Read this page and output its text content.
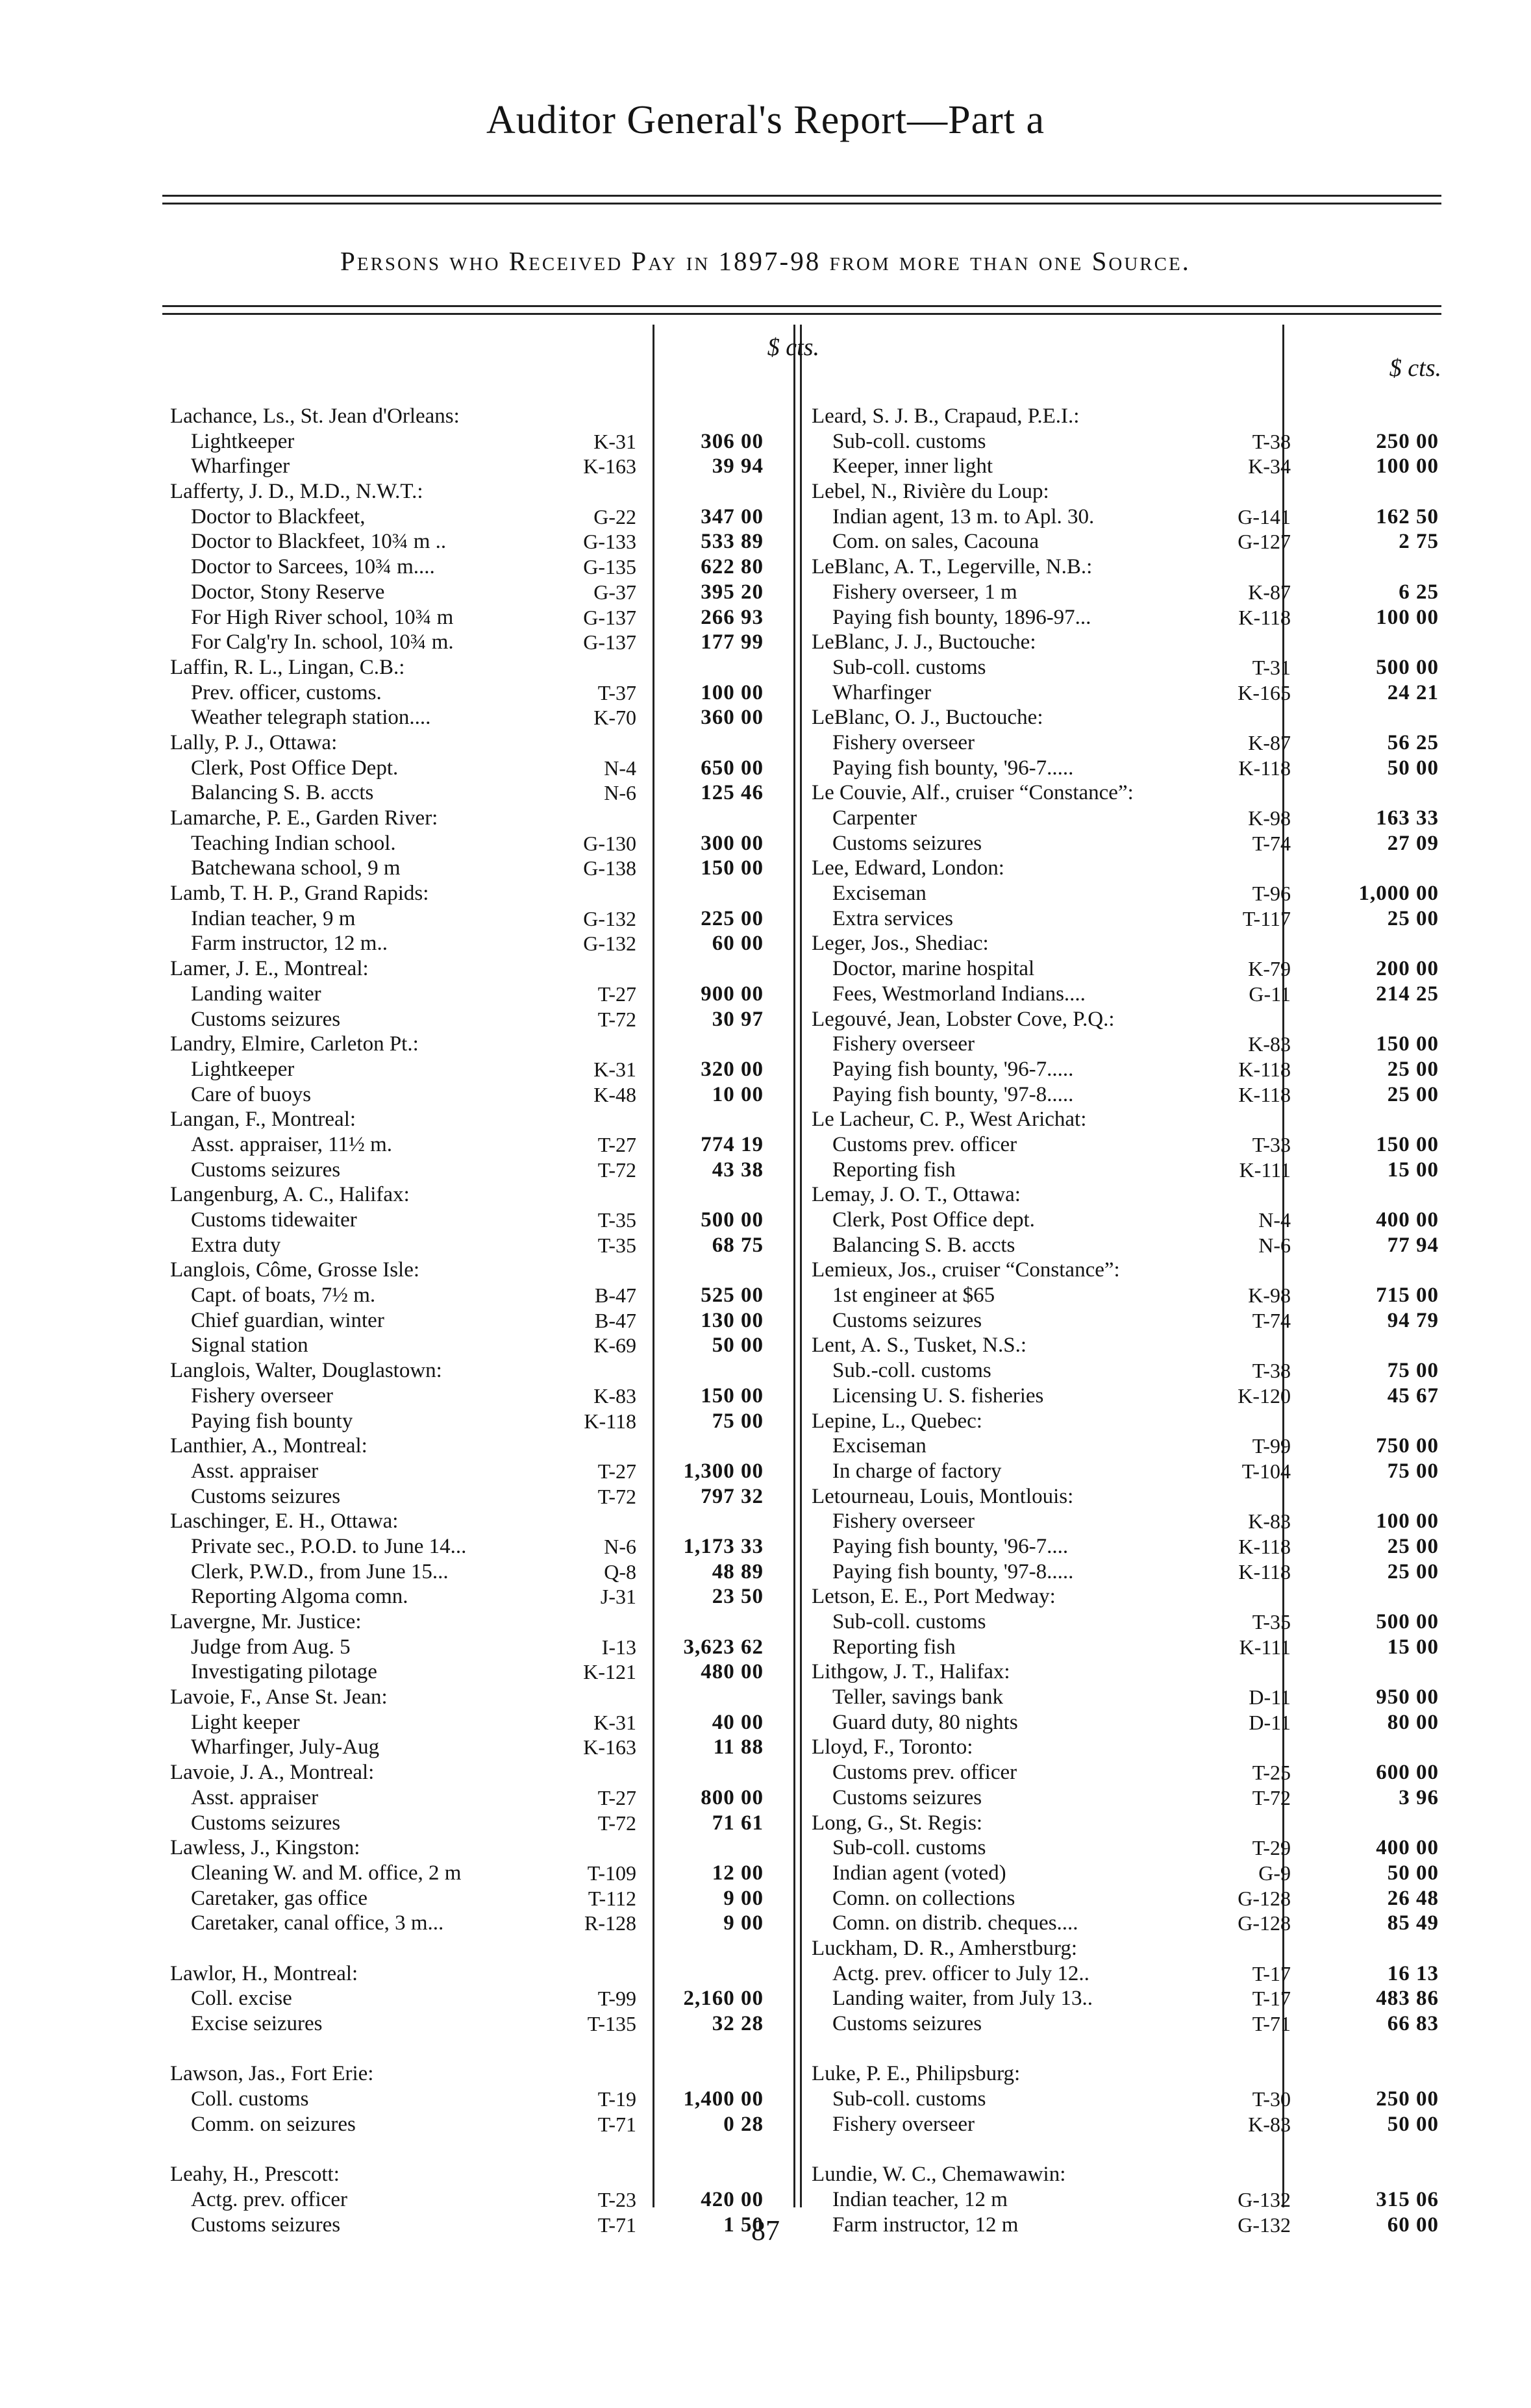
Auditor General's Report—Part a
Persons who Received Pay in 1897-98 from more than one Source.
$ cts.
Lachance, Ls., St. Jean d'Orleans:
Lightkeeper	K-31	306 00
Wharfinger	K-163	39 94
Lafferty, J. D., M.D., N.W.T.:
Doctor to Blackfeet,	G-22	347 00
Doctor to Blackfeet, 10¾ m ..	G-133	533 89
Doctor to Sarcees, 10¾ m....	G-135	622 80
Doctor, Stony Reserve	G-37	395 20
For High River school, 10¾ m	G-137	266 93
For Calg'ry In. school, 10¾ m.	G-137	177 99
Laffin, R. L., Lingan, C.B.:
Prev. officer, customs.	T-37	100 00
Weather telegraph station....	K-70	360 00
Lally, P. J., Ottawa:
Clerk, Post Office Dept.	N-4	650 00
Balancing S. B. accts	N-6	125 46
Lamarche, P. E., Garden River:
Teaching Indian school.	G-130	300 00
Batchewana school, 9 m	G-138	150 00
Lamb, T. H. P., Grand Rapids:
Indian teacher, 9 m	G-132	225 00
Farm instructor, 12 m..	G-132	60 00
Lamer, J. E., Montreal:
Landing waiter	T-27	900 00
Customs seizures	T-72	30 97
Landry, Elmire, Carleton Pt.:
Lightkeeper	K-31	320 00
Care of buoys	K-48	10 00
Langan, F., Montreal:
Asst. appraiser, 11½ m.	T-27	774 19
Customs seizures	T-72	43 38
Langenburg, A. C., Halifax:
Customs tidewaiter	T-35	500 00
Extra duty	T-35	68 75
Langlois, Côme, Grosse Isle:
Capt. of boats, 7½ m.	B-47	525 00
Chief guardian, winter	B-47	130 00
Signal station	K-69	50 00
Langlois, Walter, Douglastown:
Fishery overseer	K-83	150 00
Paying fish bounty	K-118	75 00
Lanthier, A., Montreal:
Asst. appraiser	T-27	1,300 00
Customs seizures	T-72	797 32
Laschinger, E. H., Ottawa:
Private sec., P.O.D. to June 14...	N-6	1,173 33
Clerk, P.W.D., from June 15...	Q-8	48 89
Reporting Algoma comn.	J-31	23 50
Lavergne, Mr. Justice:
Judge from Aug. 5	I-13	3,623 62
Investigating pilotage	K-121	480 00
Lavoie, F., Anse St. Jean:
Light keeper	K-31	40 00
Wharfinger, July-Aug	K-163	11 88
Lavoie, J. A., Montreal:
Asst. appraiser	T-27	800 00
Customs seizures	T-72	71 61
Lawless, J., Kingston:
Cleaning W. and M. office, 2 m	T-109	12 00
Caretaker, gas office	T-112	9 00
Caretaker, canal office, 3 m...	R-128	9 00
Lawlor, H., Montreal:
Coll. excise	T-99	2,160 00
Excise seizures	T-135	32 28
Lawson, Jas., Fort Erie:
Coll. customs	T-19	1,400 00
Comm. on seizures	T-71	0 28
Leahy, H., Prescott:
Actg. prev. officer	T-23	420 00
Customs seizures	T-71	1 50
$ cts.
Leard, S. J. B., Crapaud, P.E.I.:
Sub-coll. customs	T-38	250 00
Keeper, inner light	K-34	100 00
Lebel, N., Rivière du Loup:
Indian agent, 13 m. to Apl. 30.	G-141	162 50
Com. on sales, Cacouna	G-127	2 75
LeBlanc, A. T., Legerville, N.B.:
Fishery overseer, 1 m	K-87	6 25
Paying fish bounty, 1896-97...	K-118	100 00
LeBlanc, J. J., Buctouche:
Sub-coll. customs	T-31	500 00
Wharfinger	K-165	24 21
LeBlanc, O. J., Buctouche:
Fishery overseer	K-87	56 25
Paying fish bounty, '96-7.....	K-118	50 00
Le Couvie, Alf., cruiser “Constance”:
Carpenter	K-98	163 33
Customs seizures	T-74	27 09
Lee, Edward, London:
Exciseman	T-96	1,000 00
Extra services	T-117	25 00
Leger, Jos., Shediac:
Doctor, marine hospital	K-79	200 00
Fees, Westmorland Indians....	G-11	214 25
Legouvé, Jean, Lobster Cove, P.Q.:
Fishery overseer	K-83	150 00
Paying fish bounty, '96-7.....	K-118	25 00
Paying fish bounty, '97-8.....	K-118	25 00
Le Lacheur, C. P., West Arichat:
Customs prev. officer	T-33	150 00
Reporting fish	K-111	15 00
Lemay, J. O. T., Ottawa:
Clerk, Post Office dept.	N-4	400 00
Balancing S. B. accts	N-6	77 94
Lemieux, Jos., cruiser “Constance”:
1st engineer at $65	K-98	715 00
Customs seizures	T-74	94 79
Lent, A. S., Tusket, N.S.:
Sub.-coll. customs	T-38	75 00
Licensing U. S. fisheries	K-120	45 67
Lepine, L., Quebec:
Exciseman	T-99	750 00
In charge of factory	T-104	75 00
Letourneau, Louis, Montlouis:
Fishery overseer	K-83	100 00
Paying fish bounty, '96-7....	K-118	25 00
Paying fish bounty, '97-8.....	K-118	25 00
Letson, E. E., Port Medway:
Sub-coll. customs	T-35	500 00
Reporting fish	K-111	15 00
Lithgow, J. T., Halifax:
Teller, savings bank	D-11	950 00
Guard duty, 80 nights	D-11	80 00
Lloyd, F., Toronto:
Customs prev. officer	T-25	600 00
Customs seizures	T-72	3 96
Long, G., St. Regis:
Sub-coll. customs	T-29	400 00
Indian agent (voted)	G-9	50 00
Comn. on collections	G-128	26 48
Comn. on distrib. cheques....	G-128	85 49
Luckham, D. R., Amherstburg:
Actg. prev. officer to July 12..	T-17	16 13
Landing waiter, from July 13..	T-17	483 86
Customs seizures	T-71	66 83
Luke, P. E., Philipsburg:
Sub-coll. customs	T-30	250 00
Fishery overseer	K-83	50 00
Lundie, W. C., Chemawawin:
Indian teacher, 12 m	G-132	315 06
Farm instructor, 12 m	G-132	60 00
87
